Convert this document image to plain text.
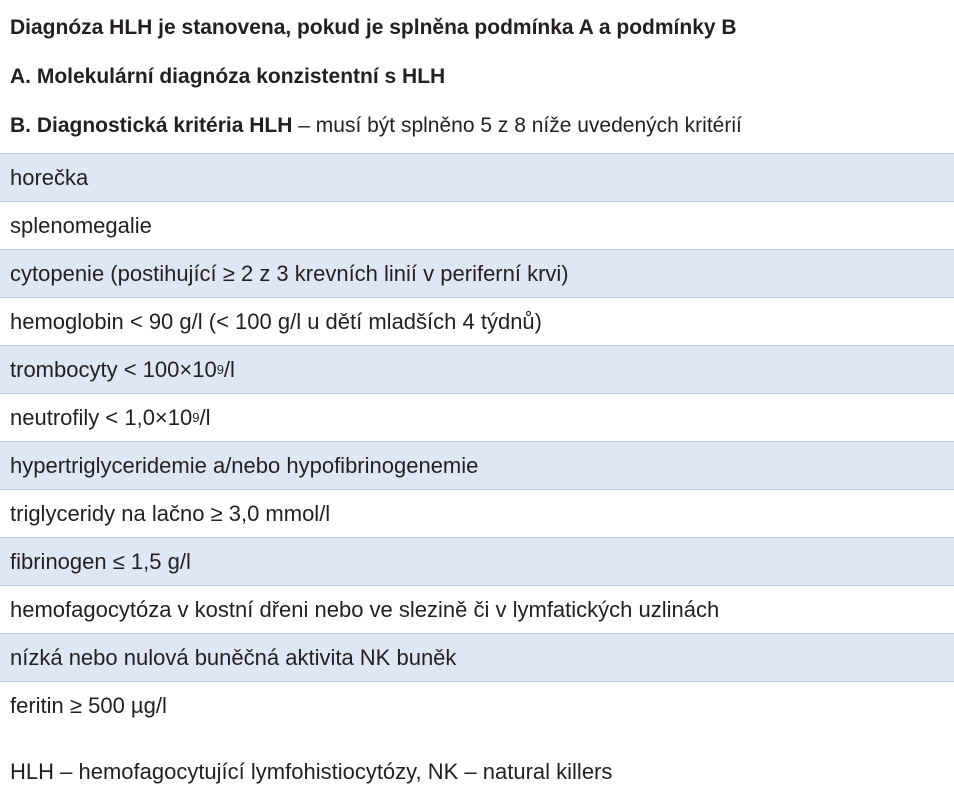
Diagnóza HLH je stanovena, pokud je splněna podmínka A a podmínky B
A. Molekulární diagnóza konzistentní s HLH
B. Diagnostická kritéria HLH – musí být splněno 5 z 8 níže uvedených kritérií
horečka
splenomegalie
cytopenie (postihující ≥ 2 z 3 krevních linií v periferní krvi)
hemoglobin < 90 g/l (< 100 g/l u dětí mladších 4 týdnů)
trombocyty < $100\times 10^9/l$
neutrofily < $1,0\times 10^9/l$
hypertriglyceridemie a/nebo hypofibrinogenemie
triglyceridy na lačno ≥ 3,0 mmol/l
fibrinogen ≤ 1,5 g/l
hemofagocytóza v kostní dřeni nebo ve slezině či v lymfatických uzlinách
nízká nebo nulová buněčná aktivita NK buněk
feritin ≥ 500 µg/l
HLH – hemofagocytující lymfohistiocytózy, NK – natural killers
